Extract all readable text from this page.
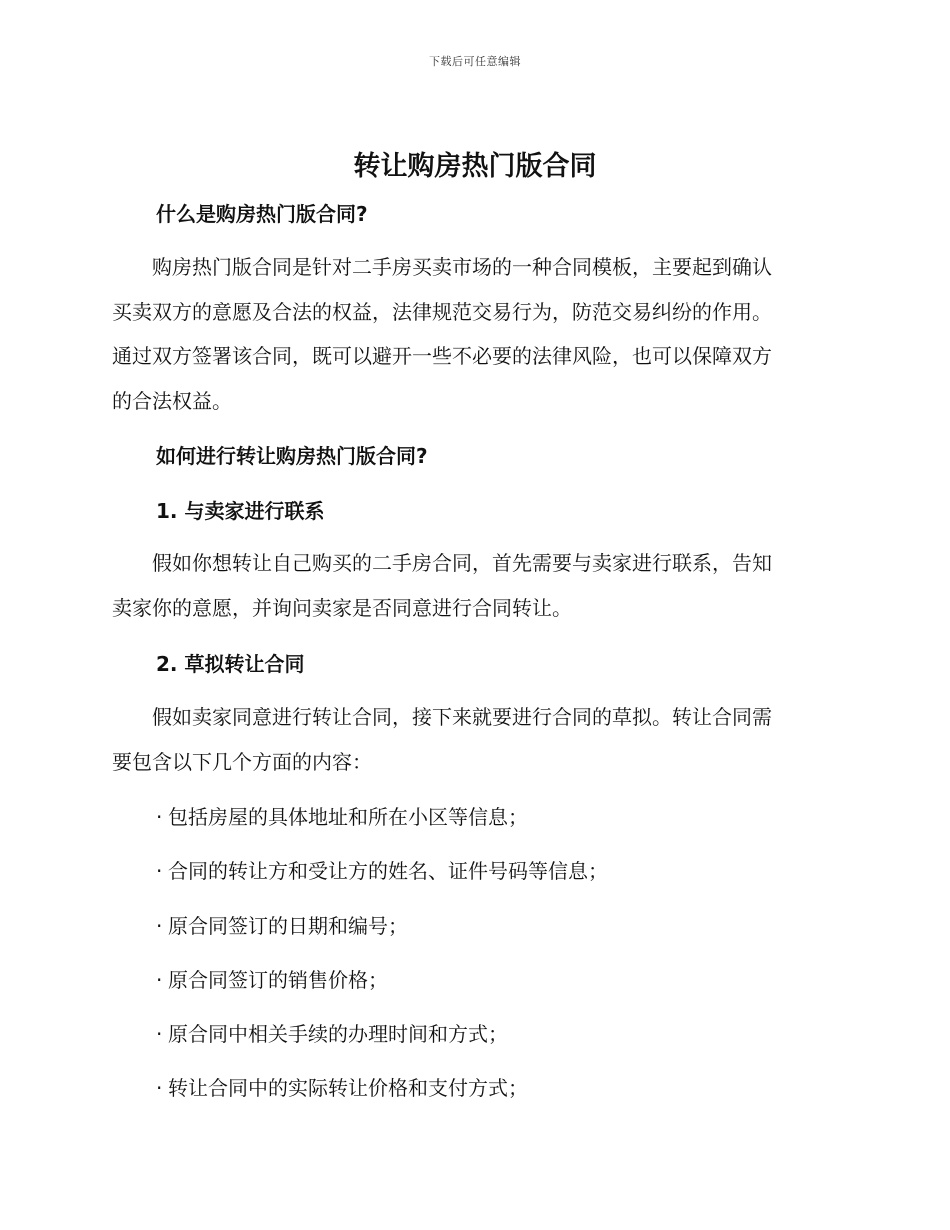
下载后可任意编辑
转让购房热门版合同
什么是购房热门版合同?
购房热门版合同是针对二手房买卖市场的一种合同模板，主要起到确认
买卖双方的意愿及合法的权益，法律规范交易行为，防范交易纠纷的作用。
通过双方签署该合同，既可以避开一些不必要的法律风险，也可以保障双方
的合法权益。
如何进行转让购房热门版合同?
1. 与卖家进行联系
假如你想转让自己购买的二手房合同，首先需要与卖家进行联系，告知
卖家你的意愿，并询问卖家是否同意进行合同转让。
2. 草拟转让合同
假如卖家同意进行转让合同，接下来就要进行合同的草拟。转让合同需
要包含以下几个方面的内容：
· 包括房屋的具体地址和所在小区等信息；
· 合同的转让方和受让方的姓名、证件号码等信息；
· 原合同签订的日期和编号；
· 原合同签订的销售价格；
· 原合同中相关手续的办理时间和方式；
· 转让合同中的实际转让价格和支付方式；
